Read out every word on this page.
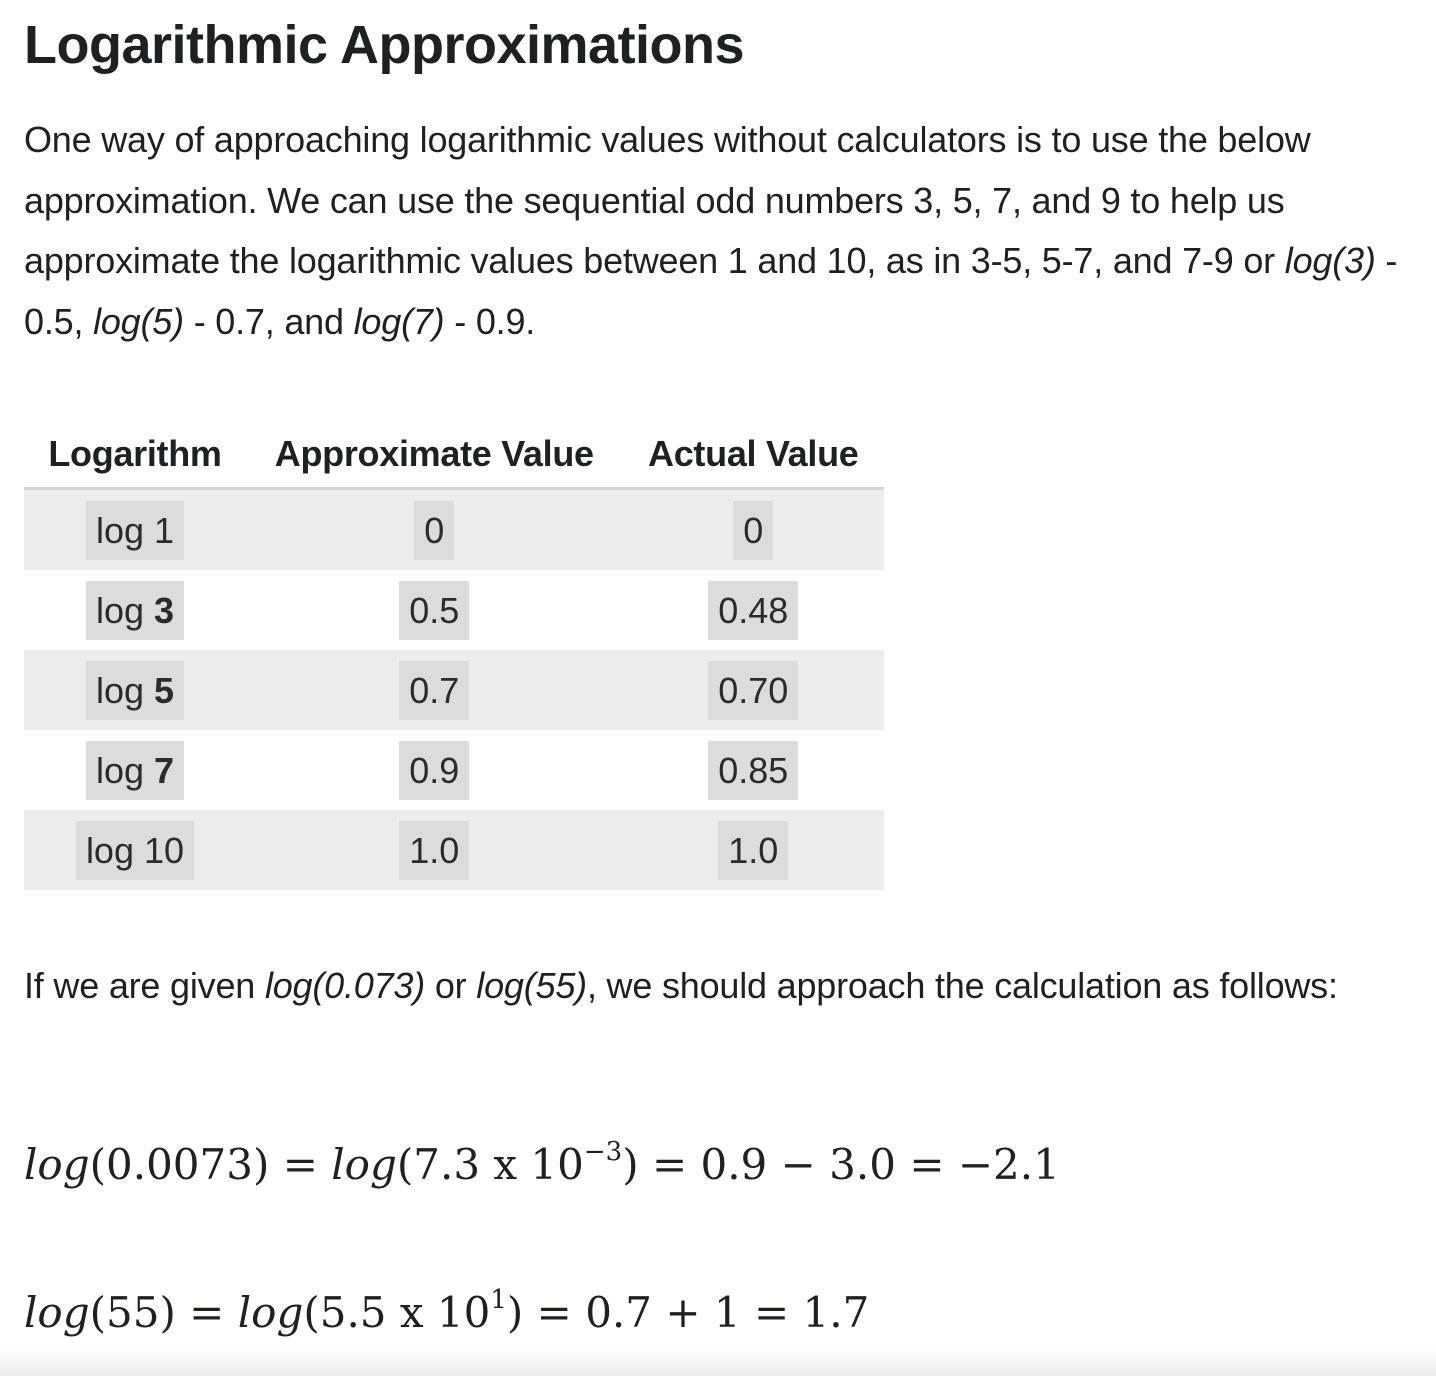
Logarithmic Approximations

One way of approaching logarithmic values without calculators is to use the below approximation. We can use the sequential odd numbers 3, 5, 7, and 9 to help us approximate the logarithmic values between 1 and 10, as in 3-5, 5-7, and 7-9 or log(3) - 0.5, log(5) - 0.7, and log(7) - 0.9.

Logarithm	Approximate Value	Actual Value
log 1	0	0
log 3	0.5	0.48
log 5	0.7	0.70
log 7	0.9	0.85
log 10	1.0	1.0

If we are given log(0.073) or log(55), we should approach the calculation as follows:

log(0.0073) = log(7.3 x $10^{-3}) = 0.9 - 3.0 = -2.1$
log(55) = log(5.5 x $10^1) = 0.7 + 1 = 1.7$
